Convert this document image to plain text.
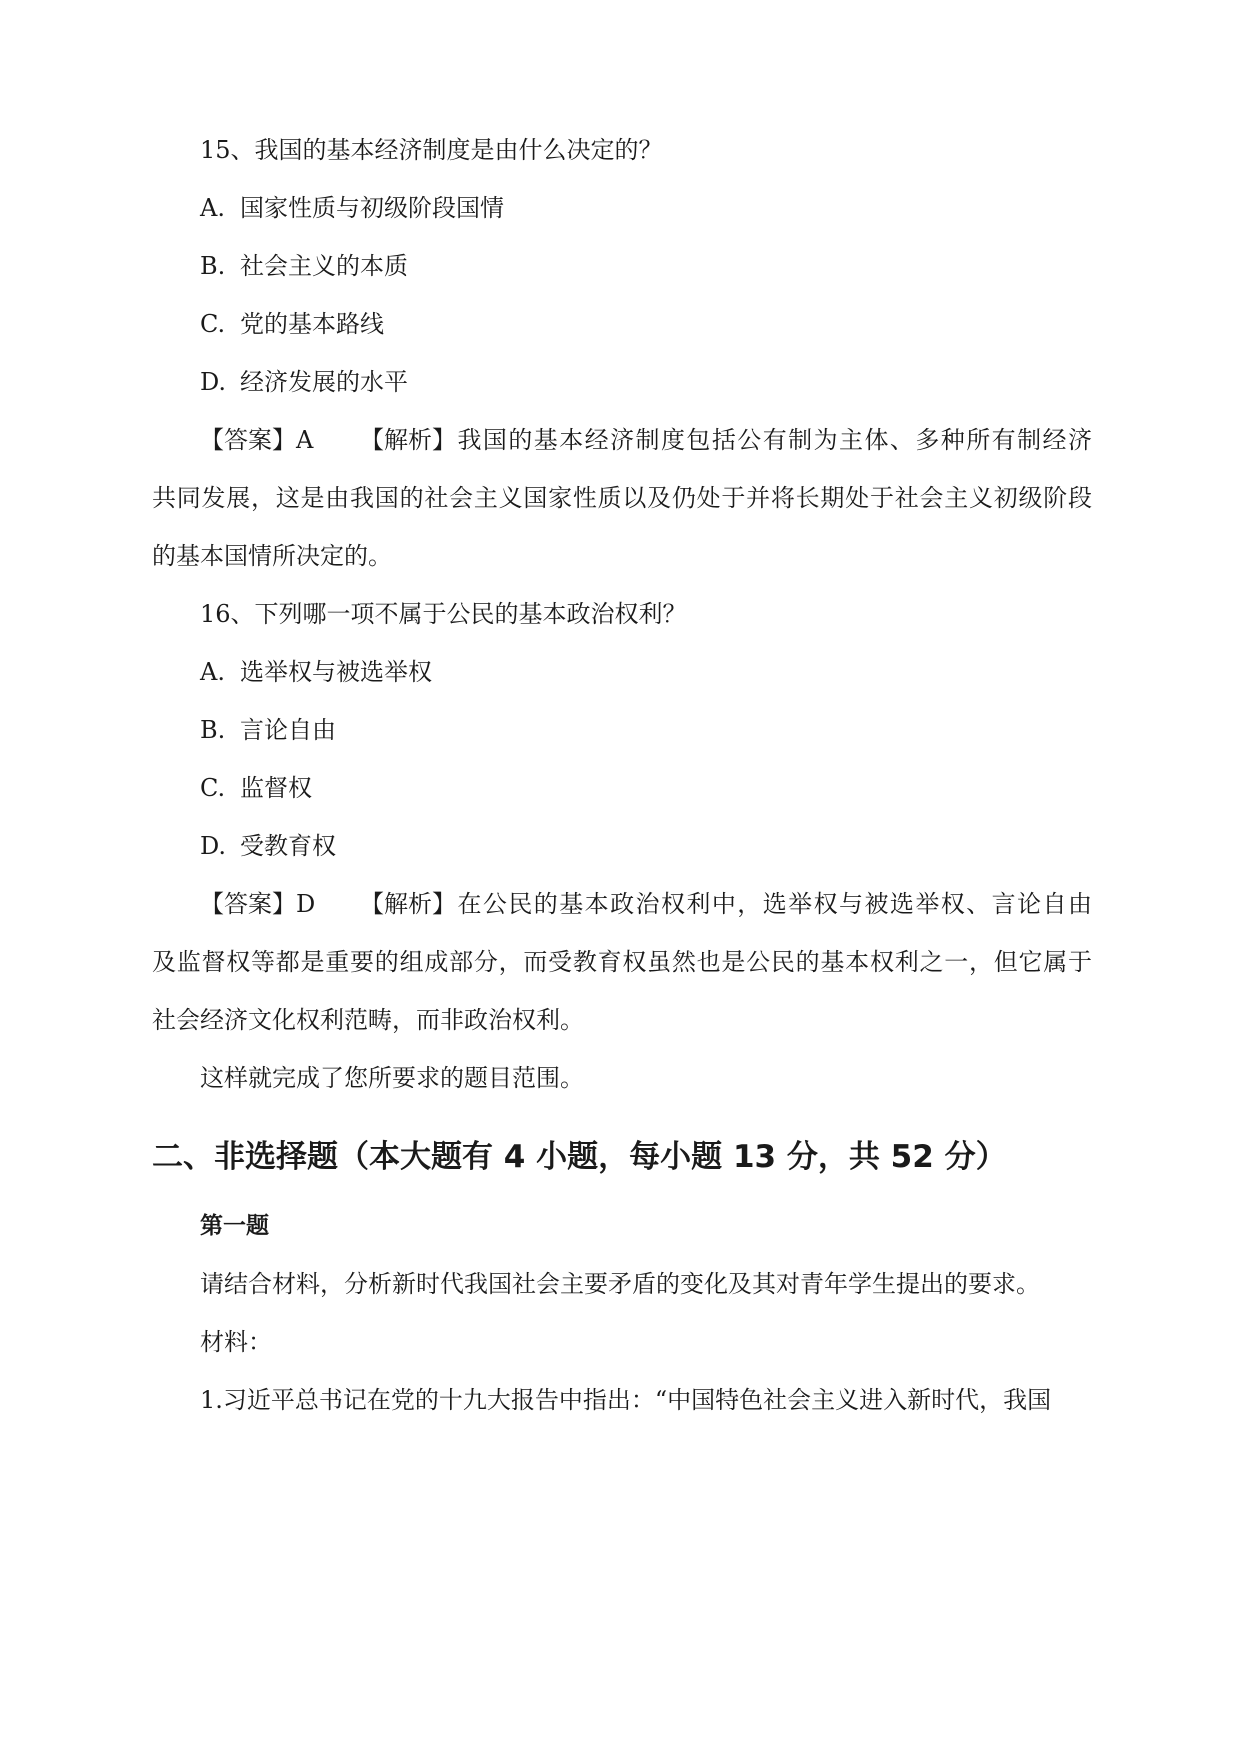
15、我国的基本经济制度是由什么决定的？
A. 国家性质与初级阶段国情
B. 社会主义的本质
C. 党的基本路线
D. 经济发展的水平
【答案】A 【解析】我国的基本经济制度包括公有制为主体、多种所有制经济
共同发展，这是由我国的社会主义国家性质以及仍处于并将长期处于社会主义初级阶段
的基本国情所决定的。
16、下列哪一项不属于公民的基本政治权利？
A. 选举权与被选举权
B. 言论自由
C. 监督权
D. 受教育权
【答案】D 【解析】在公民的基本政治权利中，选举权与被选举权、言论自由
及监督权等都是重要的组成部分，而受教育权虽然也是公民的基本权利之一，但它属于
社会经济文化权利范畴，而非政治权利。
这样就完成了您所要求的题目范围。
二、非选择题（本大题有 4 小题，每小题 13 分，共 52 分）
第一题
请结合材料，分析新时代我国社会主要矛盾的变化及其对青年学生提出的要求。
材料：
1.习近平总书记在党的十九大报告中指出：“中国特色社会主义进入新时代，我国
